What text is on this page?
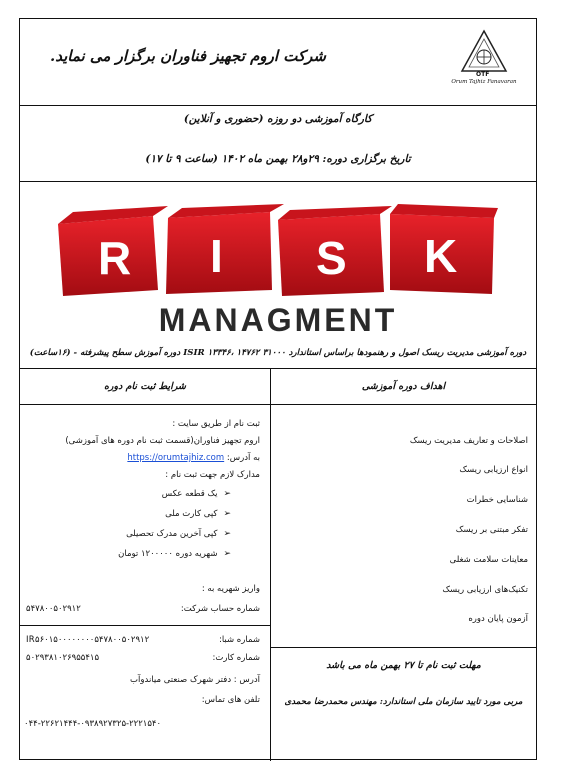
شرکت اروم تجهیز فناوران برگزار می نماید.
OTF
Orum Tajhiz Fanavaran
کارگاه آموزشی دو روزه (حضوری و آنلاین)
تاریخ برگزاری دوره: ۲۹و۲۸ بهمن ماه ۱۴۰۲ (ساعت ۹ تا ۱۷)
R I S K
MANAGMENT
دوره آموزشی مدیریت ریسک اصول و رهنمودها براساس استاندارد ۳۱۰۰۰ ISIR ۱۳۳۴۶، ۱۴۷۶۲ دوره آموزش سطح پیشرفته - (۱۶ساعت)
اهداف دوره آموزشی
شرایط ثبت نام دوره
اصلاحات و تعاریف مدیریت ریسک
انواع ارزیابی ریسک
شناسایی خطرات
تفکر مبتنی بر ریسک
معاینات سلامت شغلی
تکنیک‌های ارزیابی ریسک
آزمون پایان دوره
مهلت ثبت نام تا ۲۷ بهمن ماه می باشد
مربی مورد تایید سازمان ملی استاندارد: مهندس محمدرضا محمدی
ثبت نام از طریق سایت :
اروم تجهیز فناوران(قسمت ثبت نام دوره های آموزشی)
به آدرس: https://orumtajhiz.com
مدارک لازم جهت ثبت نام :
➢یک قطعه عکس
➢کپی کارت ملی
➢کپی آخرین مدرک تحصیلی
➢شهریه دوره ۱۲۰۰۰۰۰ تومان
واریز شهریه به :
شماره حساب شرکت:
۵۴۷۸۰۰۵۰۲۹۱۲
شماره شبا:
IR۵۶۰۱۵۰۰۰۰۰۰۰۰۵۴۷۸۰۰۵۰۲۹۱۲
شماره کارت:
۵۰۲۹۳۸۱۰۲۶۹۵۵۴۱۵
آدرس : دفتر شهرک صنعتی میاندوآب
تلفن های تماس:
۰۴۴-۲۲۶۲۱۴۴۴-۰۹۳۸۹۲۷۳۲۵-۲۲۲۱۵۴۰
